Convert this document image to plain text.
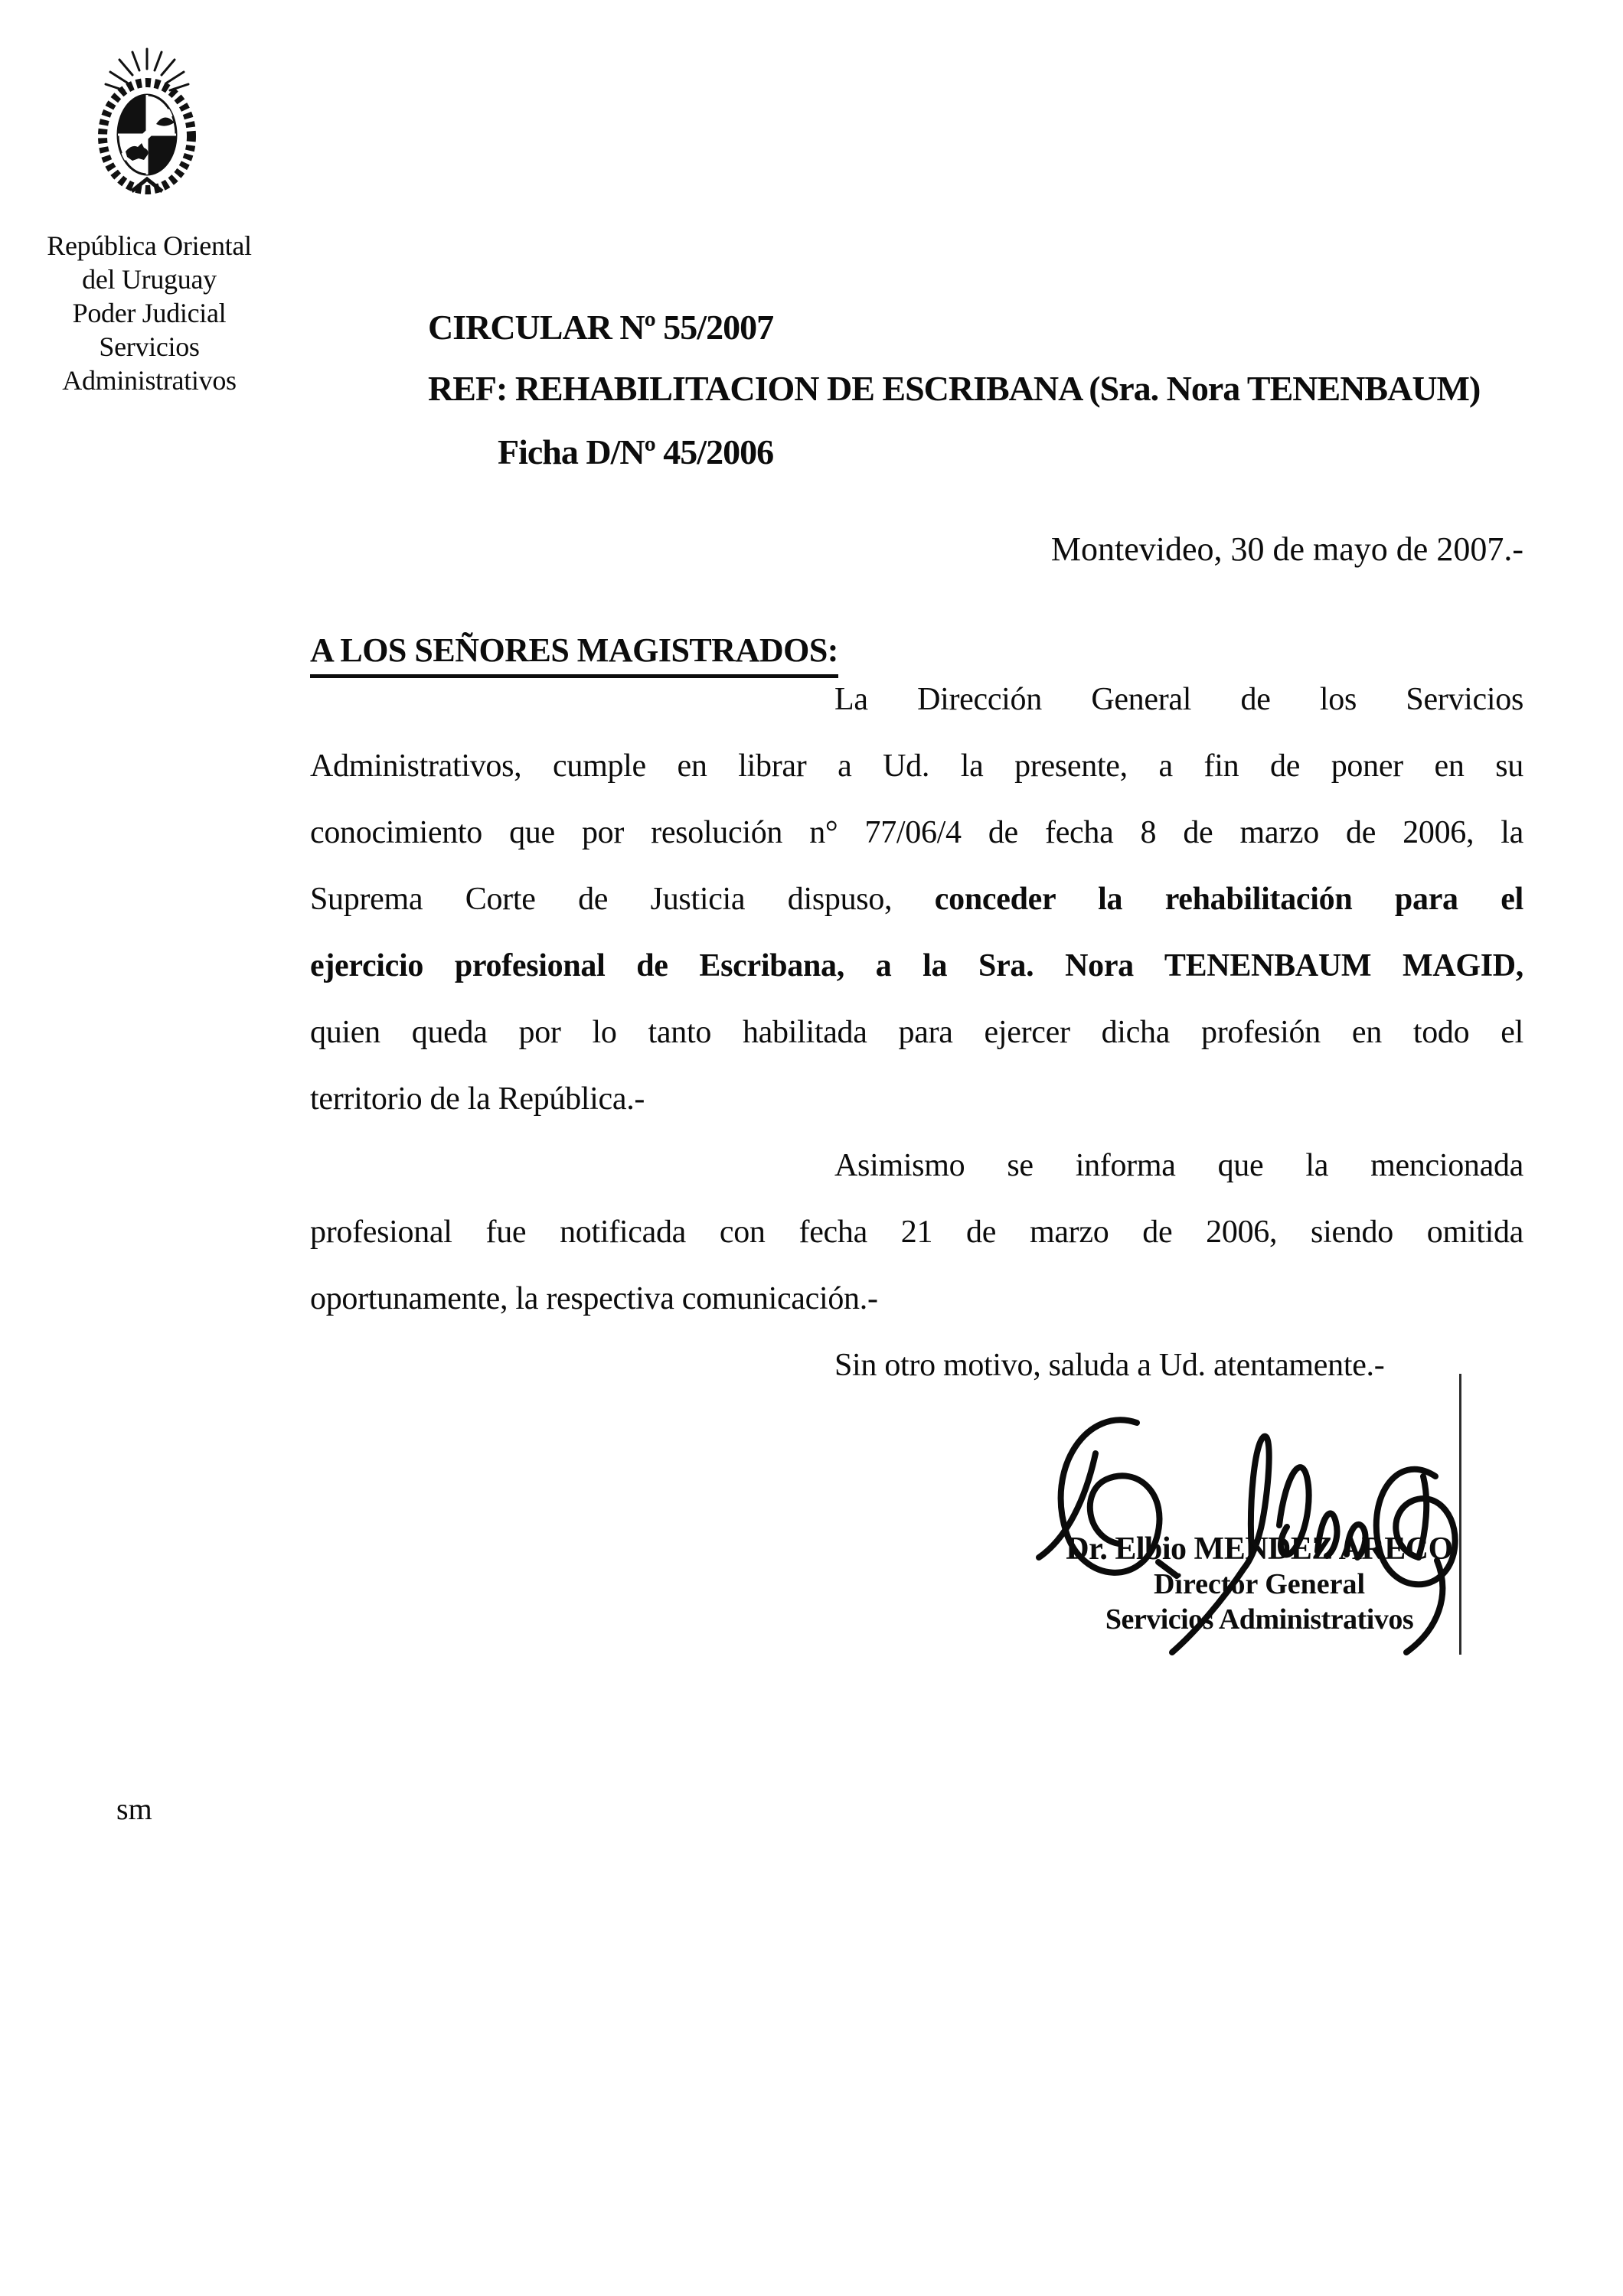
República Oriental
del Uruguay
Poder Judicial
Servicios
Administrativos
CIRCULAR Nº 55/2007
REF: REHABILITACION DE ESCRIBANA (Sra. Nora TENENBAUM)
Ficha D/Nº 45/2006
Montevideo, 30 de mayo de 2007.-
A LOS SEÑORES MAGISTRADOS:
La Dirección General de los Servicios
Administrativos, cumple en librar a Ud. la presente, a fin de poner en su
conocimiento que por resolución n° 77/06/4 de fecha 8 de marzo de 2006, la
Suprema Corte de Justicia dispuso, conceder la rehabilitación para el
ejercicio profesional de Escribana, a la Sra. Nora TENENBAUM MAGID,
quien queda por lo tanto habilitada para ejercer dicha profesión en todo el
territorio de la República.-
Asimismo se informa que la mencionada
profesional fue notificada con fecha 21 de marzo de 2006, siendo omitida
oportunamente, la respectiva comunicación.-
Sin otro motivo, saluda a Ud. atentamente.-
Dr. Elbio MENDEZ ARECO
Director General
Servicios Administrativos
sm
